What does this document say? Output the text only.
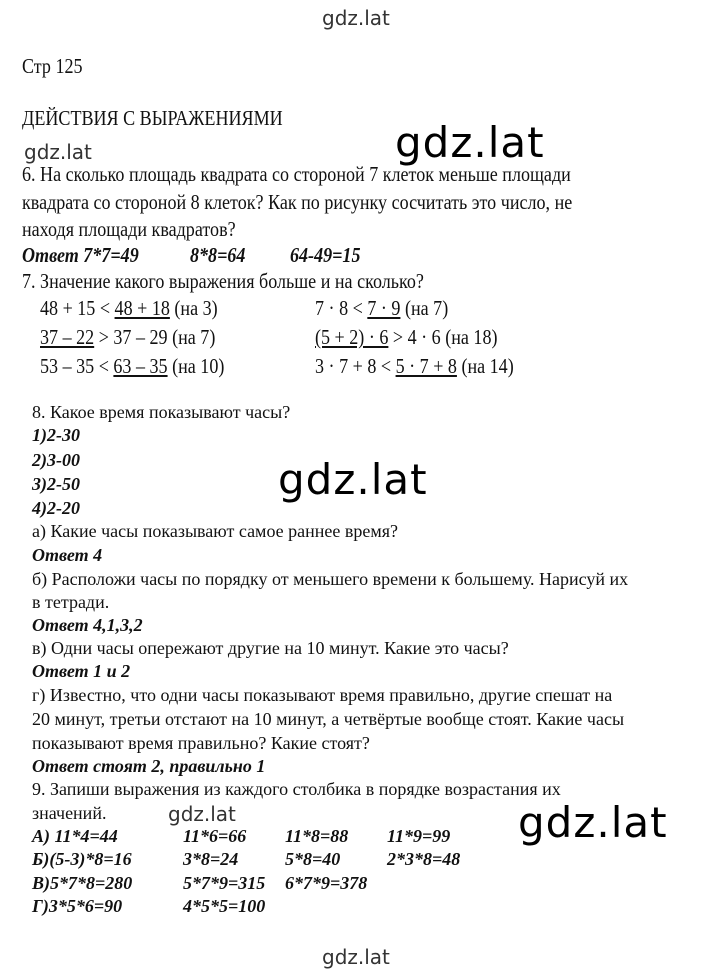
gdz.lat
gdz.lat	gdz.lat
gdz.lat
gdz.lat	gdz.lat
gdz.lat
Стр 125
ДЕЙСТВИЯ С ВЫРАЖЕНИЯМИ
6. На сколько площадь квадрата со стороной 7 клеток меньше площади
квадрата со стороной 8 клеток? Как по рисунку сосчитать это число, не
находя площади квадратов?
Ответ 7*7=49 8*8=64 64-49=15
7. Значение какого выражения больше и на сколько?
48 + 15 < 48 + 18 (на 3)	7 · 8 < 7 · 9 (на 7)
37 – 22 > 37 – 29 (на 7)	(5 + 2) · 6 > 4 · 6 (на 18)
53 – 35 < 63 – 35 (на 10)	3 · 7 + 8 < 5 · 7 + 8 (на 14)
8. Какое время показывают часы?
1)2-30
2)3-00
3)2-50
4)2-20
а) Какие часы показывают самое раннее время?
Ответ 4
б) Расположи часы по порядку от меньшего времени к большему. Нарисуй их
в тетради.
Ответ 4,1,3,2
в) Одни часы опережают другие на 10 минут. Какие это часы?
Ответ 1 и 2
г) Известно, что одни часы показывают время правильно, другие спешат на
20 минут, третьи отстают на 10 минут, а четвёртые вообще стоят. Какие часы
показывают время правильно? Какие стоят?
Ответ стоят 2, правильно 1
9. Запиши выражения из каждого столбика в порядке возрастания их
значений.
А) 11*4=44	11*6=66 11*8=88 11*9=99
Б)(5-3)*8=16	3*8=24	5*8=40	2*3*8=48
В)5*7*8=280	5*7*9=315 6*7*9=378
Г)3*5*6=90	4*5*5=100
